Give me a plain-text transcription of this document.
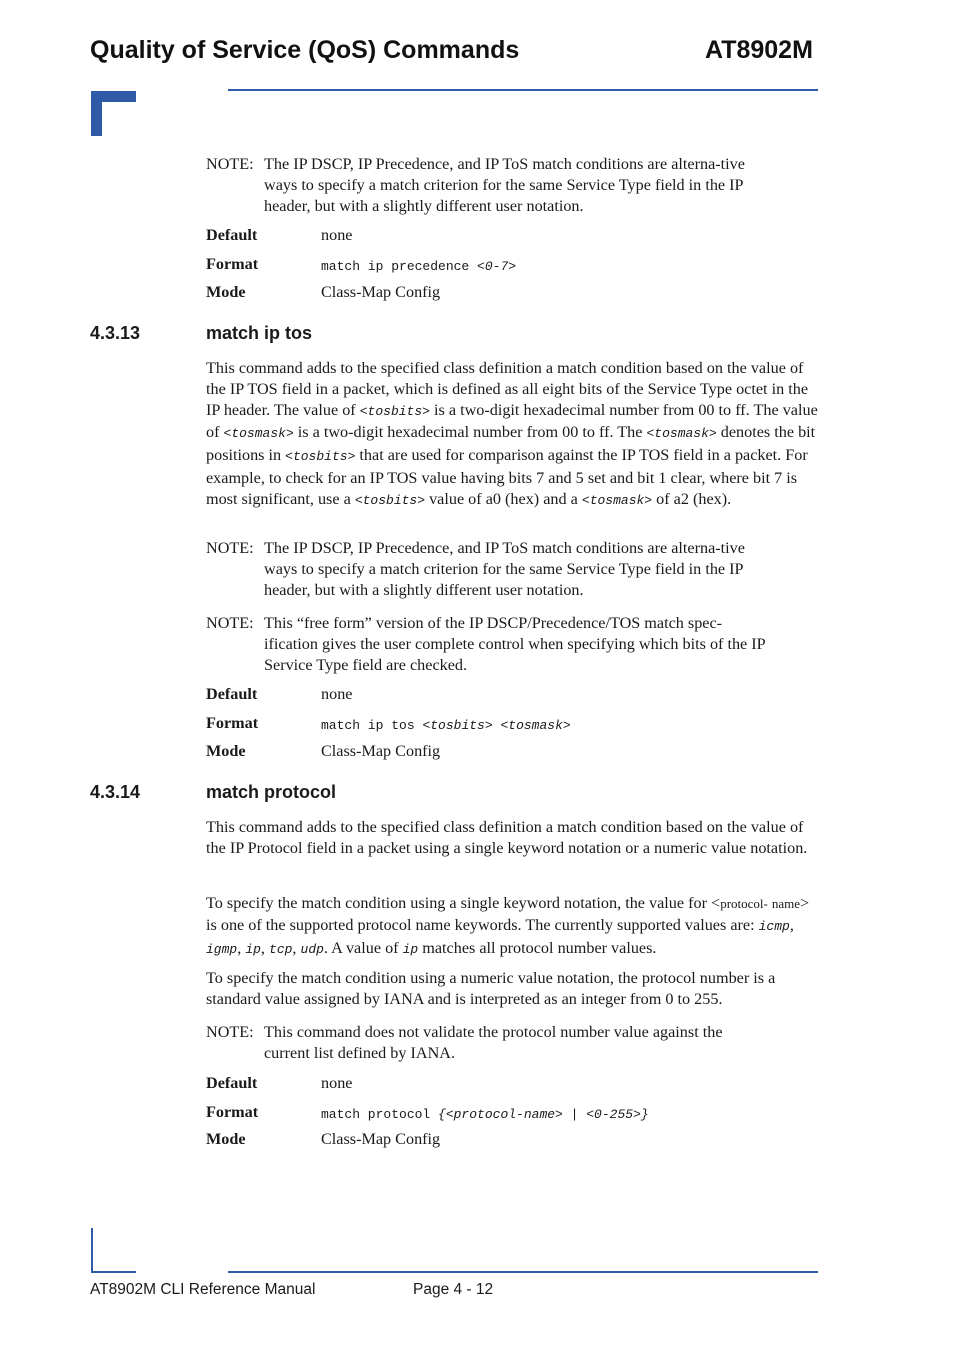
Quality of Service (QoS) Commands	AT8902M
NOTE: The IP DSCP, IP Precedence, and IP ToS match conditions are alterna-tive ways to specify a match criterion for the same Service Type field in the IP header, but with a slightly different user notation.
Default	none
Format	match ip precedence <0-7>
Mode	Class-Map Config
4.3.13	match ip tos

This command adds to the specified class definition a match condition based on the value of the IP TOS field in a packet, which is defined as all eight bits of the Service Type octet in the IP header. The value of <tosbits> is a two-digit hexadecimal number from 00 to ff. The value of <tosmask> is a two-digit hexadecimal number from 00 to ff. The <tosmask> denotes the bit positions in <tosbits> that are used for comparison against the IP TOS field in a packet. For example, to check for an IP TOS value having bits 7 and 5 set and bit 1 clear, where bit 7 is most significant, use a <tosbits> value of a0 (hex) and a <tosmask> of a2 (hex).

NOTE: The IP DSCP, IP Precedence, and IP ToS match conditions are alterna-tive ways to specify a match criterion for the same Service Type field in the IP header, but with a slightly different user notation.
NOTE: This “free form” version of the IP DSCP/Precedence/TOS match spec-ification gives the user complete control when specifying which bits of the IP Service Type field are checked.
Default	none
Format	match ip tos <tosbits> <tosmask>
Mode	Class-Map Config
4.3.14	match protocol

This command adds to the specified class definition a match condition based on the value of the IP Protocol field in a packet using a single keyword notation or a numeric value notation.

To specify the match condition using a single keyword notation, the value for <protocol- name> is one of the supported protocol name keywords. The currently supported values are: icmp, igmp, ip, tcp, udp. A value of ip matches all protocol number values.

To specify the match condition using a numeric value notation, the protocol number is a standard value assigned by IANA and is interpreted as an integer from 0 to 255.

NOTE: This command does not validate the protocol number value against the current list defined by IANA.
Default	none
Format	match protocol {<protocol-name> | <0-255>}
Mode	Class-Map Config
AT8902M CLI Reference Manual	Page 4 - 12
